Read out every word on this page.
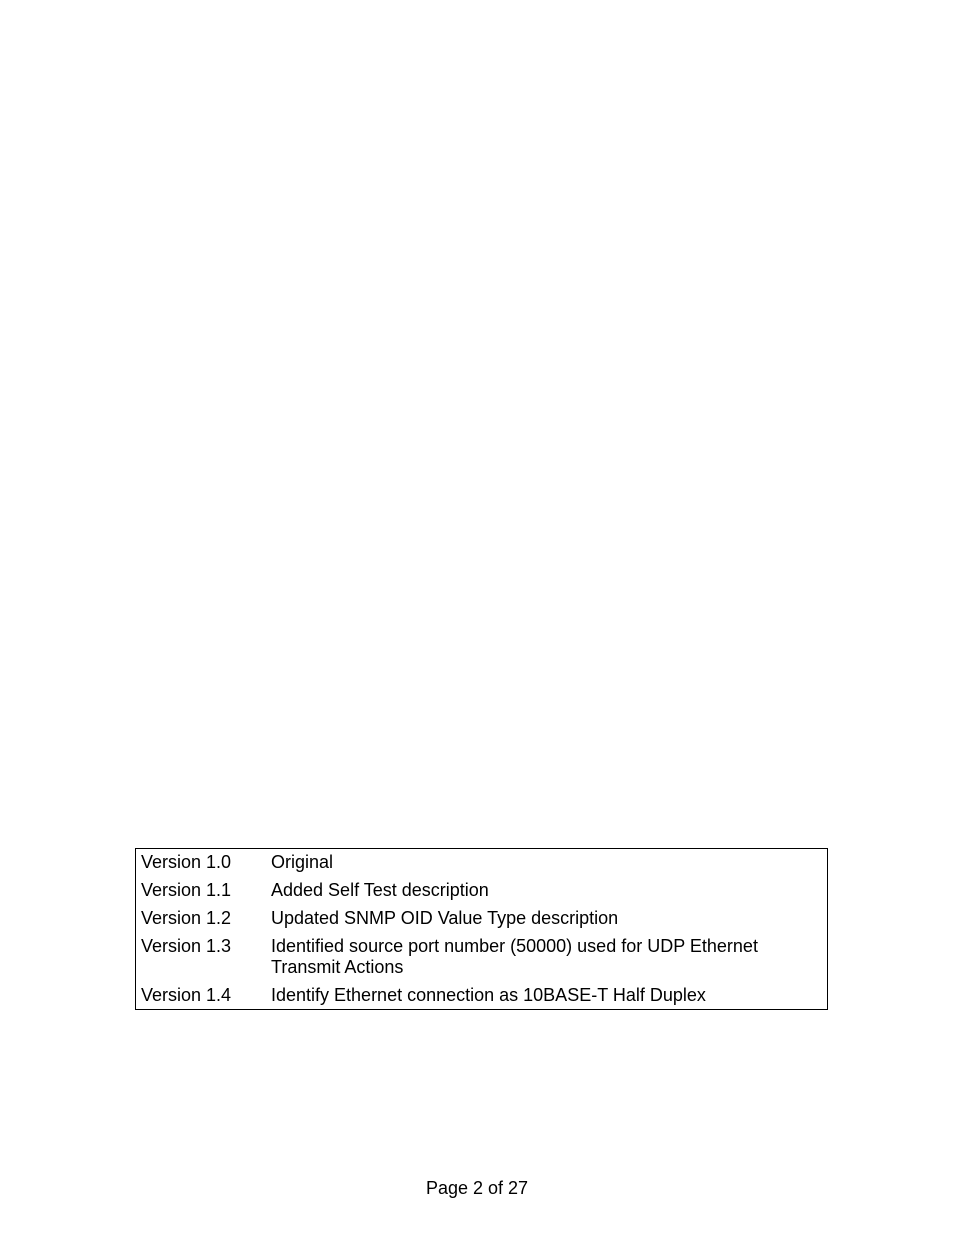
Version 1.0	Original
Version 1.1	Added Self Test description
Version 1.2	Updated SNMP OID Value Type description
Version 1.3	Identified source port number (50000) used for UDP Ethernet Transmit Actions
Version 1.4	Identify Ethernet connection as 10BASE-T Half Duplex
Page 2 of 27
